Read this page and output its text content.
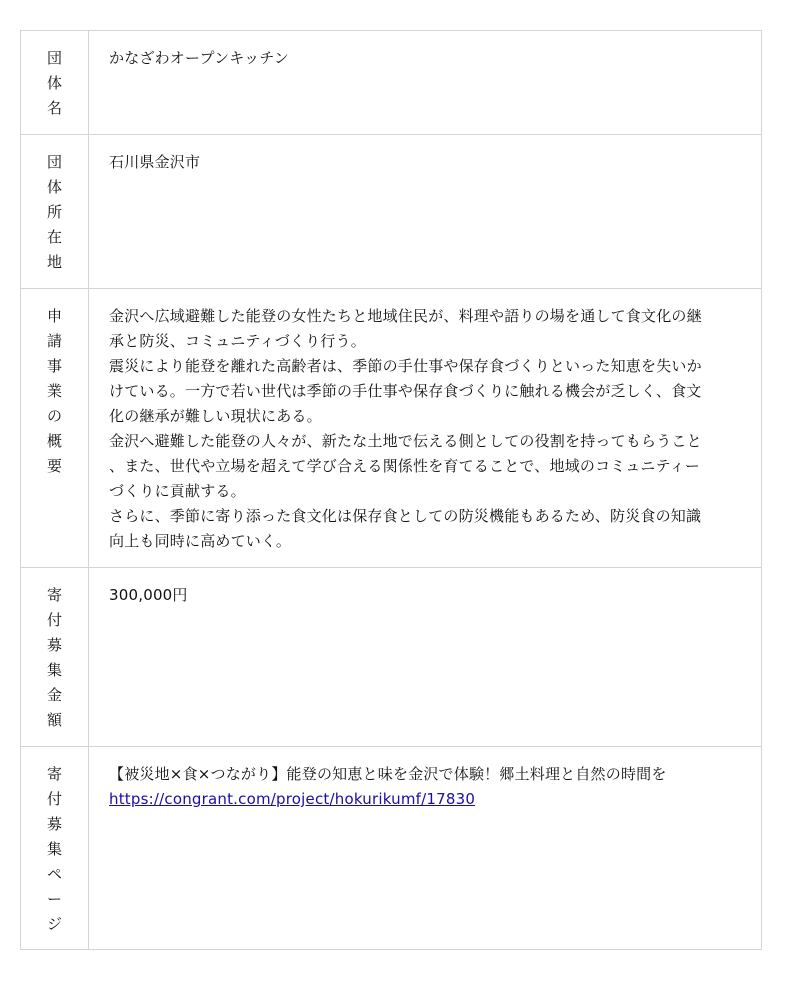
団
体
名

かなざわオープンキッチン

団
体
所
在
地

石川県金沢市

申
請
事
業
の
概
要

金沢へ広域避難した能登の女性たちと地域住民が、料理や語りの場を通して食文化の継

承と防災、コミュニティづくり行う。

震災により能登を離れた高齢者は、季節の手仕事や保存食づくりといった知恵を失いか

けている。一方で若い世代は季節の手仕事や保存食づくりに触れる機会が乏しく、食文

化の継承が難しい現状にある。

金沢へ避難した能登の人々が、新たな土地で伝える側としての役割を持ってもらうこと

、また、世代や立場を超えて学び合える関係性を育てることで、地域のコミュニティー

づくりに貢献する。

さらに、季節に寄り添った食文化は保存食としての防災機能もあるため、防災食の知識

向上も同時に高めていく。

寄
付
募
集
金
額

300,000円

寄
付
募
集
ペ
ー
ジ

【被災地×食×つながり】能登の知恵と味を金沢で体験！郷土料理と自然の時間を

https://congrant.com/project/hokurikumf/17830
